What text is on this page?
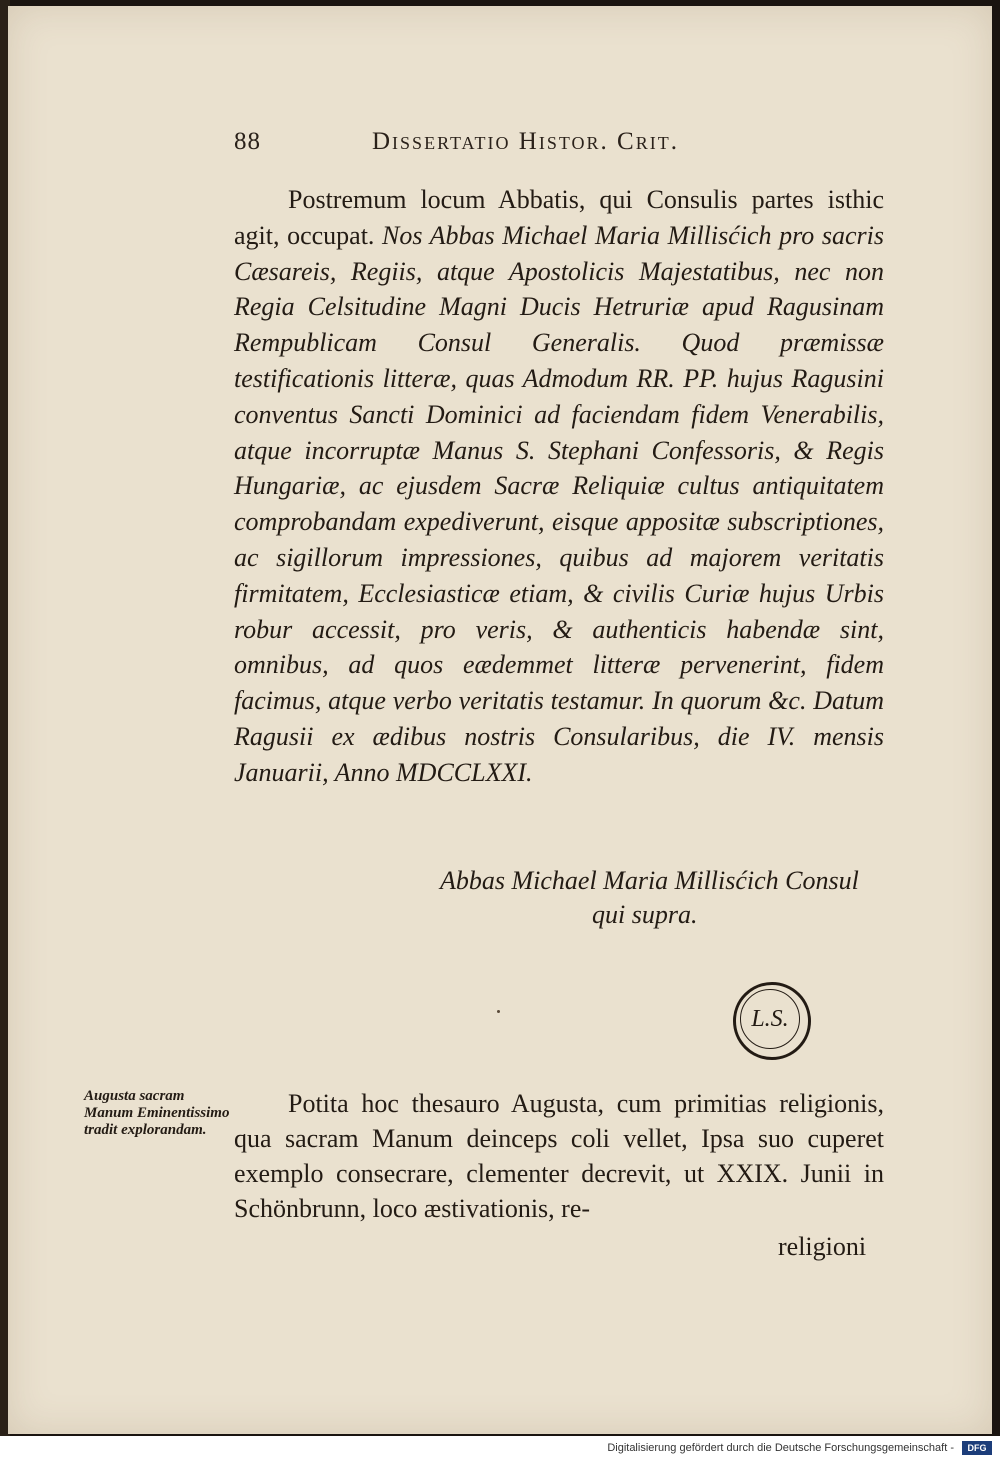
88	Dissertatio Histor. Crit.
Postremum locum Abbatis, qui Consulis partes isthic agit, occupat. Nos Abbas Michael Maria Millisćich pro sacris Cæsareis, Regiis, atque Apostolicis Majestatibus, nec non Regia Celsitudine Magni Ducis Hetruriæ apud Ragusinam Rempublicam Consul Generalis. Quod præmissæ testificationis litteræ, quas Admodum RR. PP. hujus Ragusini conventus Sancti Dominici ad faciendam fidem Venerabilis, atque incorruptæ Manus S. Stephani Confessoris, & Regis Hungariæ, ac ejusdem Sacræ Reliquiæ cultus antiquitatem comprobandam expediverunt, eisque appositæ subscriptiones, ac sigillorum impressiones, quibus ad majorem veritatis firmitatem, Ecclesiasticæ etiam, & civilis Curiæ hujus Urbis robur accessit, pro veris, & authenticis habendæ sint, omnibus, ad quos eædemmet litteræ pervenerint, fidem facimus, atque verbo veritatis testamur. In quorum &c. Datum Ragusii ex ædibus nostris Consularibus, die IV. mensis Januarii, Anno MDCCLXXI.
Abbas Michael Maria Millisćich Consul
qui supra.
L.S.
Augusta sacram Manum Eminentissimo tradit explorandam.
Potita hoc thesauro Augusta, cum primitias religionis, qua sacram Manum deinceps coli vellet, Ipsa suo cuperet exemplo consecrare, clementer decrevit, ut XXIX. Junii in Schönbrunn, loco æstivationis, re-
religioni
Digitalisierung gefördert durch die Deutsche Forschungsgemeinschaft -	DFG
